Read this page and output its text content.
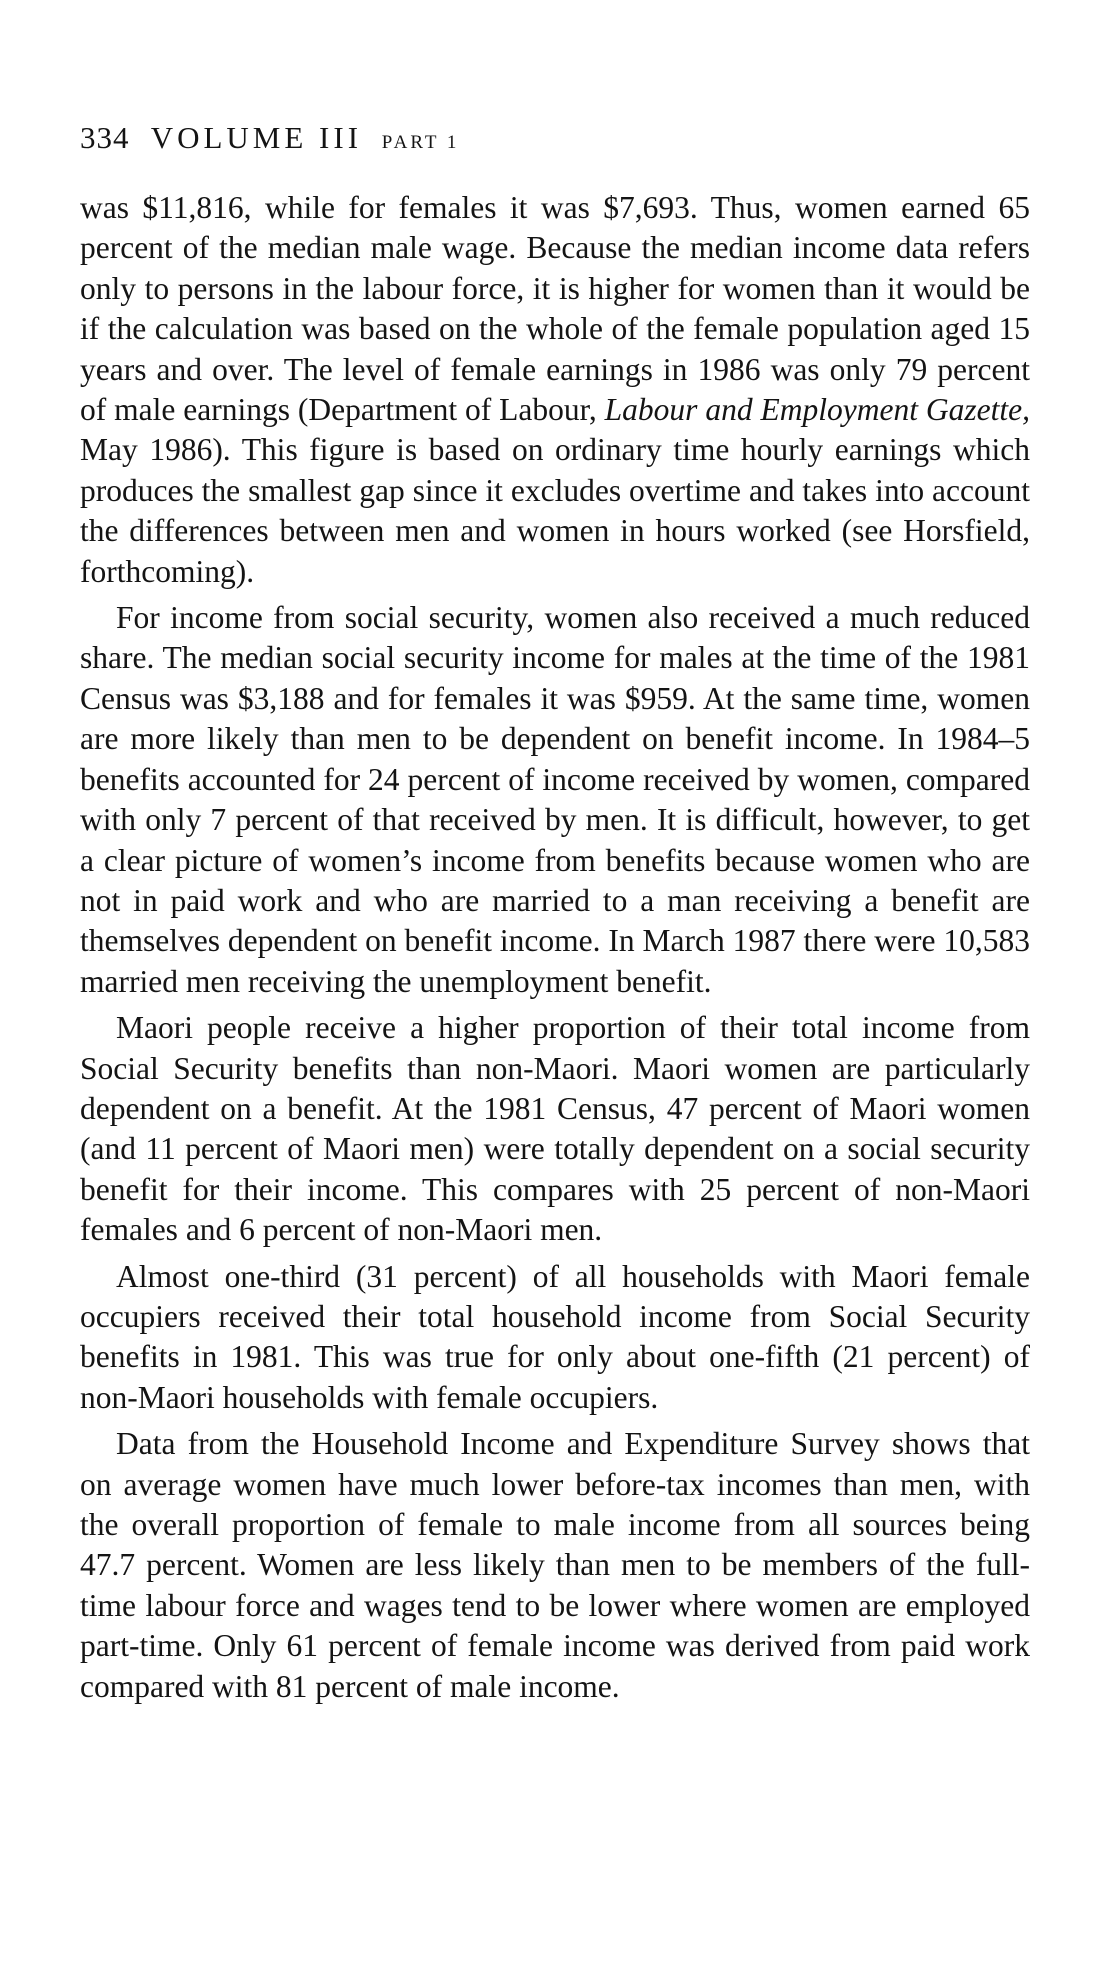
334 VOLUME III PART 1

was $11,816, while for females it was $7,693. Thus, women earned 65 percent of the median male wage. Because the median income data refers only to persons in the labour force, it is higher for women than it would be if the calculation was based on the whole of the female population aged 15 years and over. The level of female earnings in 1986 was only 79 percent of male earnings (Department of Labour, Labour and Employment Gazette, May 1986). This figure is based on ordinary time hourly earnings which produces the smallest gap since it excludes overtime and takes into account the differences between men and women in hours worked (see Horsfield, forthcoming).

For income from social security, women also received a much reduced share. The median social security income for males at the time of the 1981 Census was $3,188 and for females it was $959. At the same time, women are more likely than men to be dependent on benefit income. In 1984–5 benefits accounted for 24 percent of income received by women, compared with only 7 percent of that received by men. It is difficult, however, to get a clear picture of women’s income from benefits because women who are not in paid work and who are married to a man receiving a benefit are themselves dependent on benefit income. In March 1987 there were 10,583 married men receiving the unemployment benefit.

Maori people receive a higher proportion of their total income from Social Security benefits than non-Maori. Maori women are particularly dependent on a benefit. At the 1981 Census, 47 percent of Maori women (and 11 percent of Maori men) were totally dependent on a social security benefit for their income. This compares with 25 percent of non-Maori females and 6 percent of non-Maori men.

Almost one-third (31 percent) of all households with Maori female occupiers received their total household income from Social Security benefits in 1981. This was true for only about one-fifth (21 percent) of non-Maori households with female occupiers.

Data from the Household Income and Expenditure Survey shows that on average women have much lower before-tax incomes than men, with the overall proportion of female to male income from all sources being 47.7 percent. Women are less likely than men to be members of the full-time labour force and wages tend to be lower where women are employed part-time. Only 61 percent of female income was derived from paid work compared with 81 percent of male income.
